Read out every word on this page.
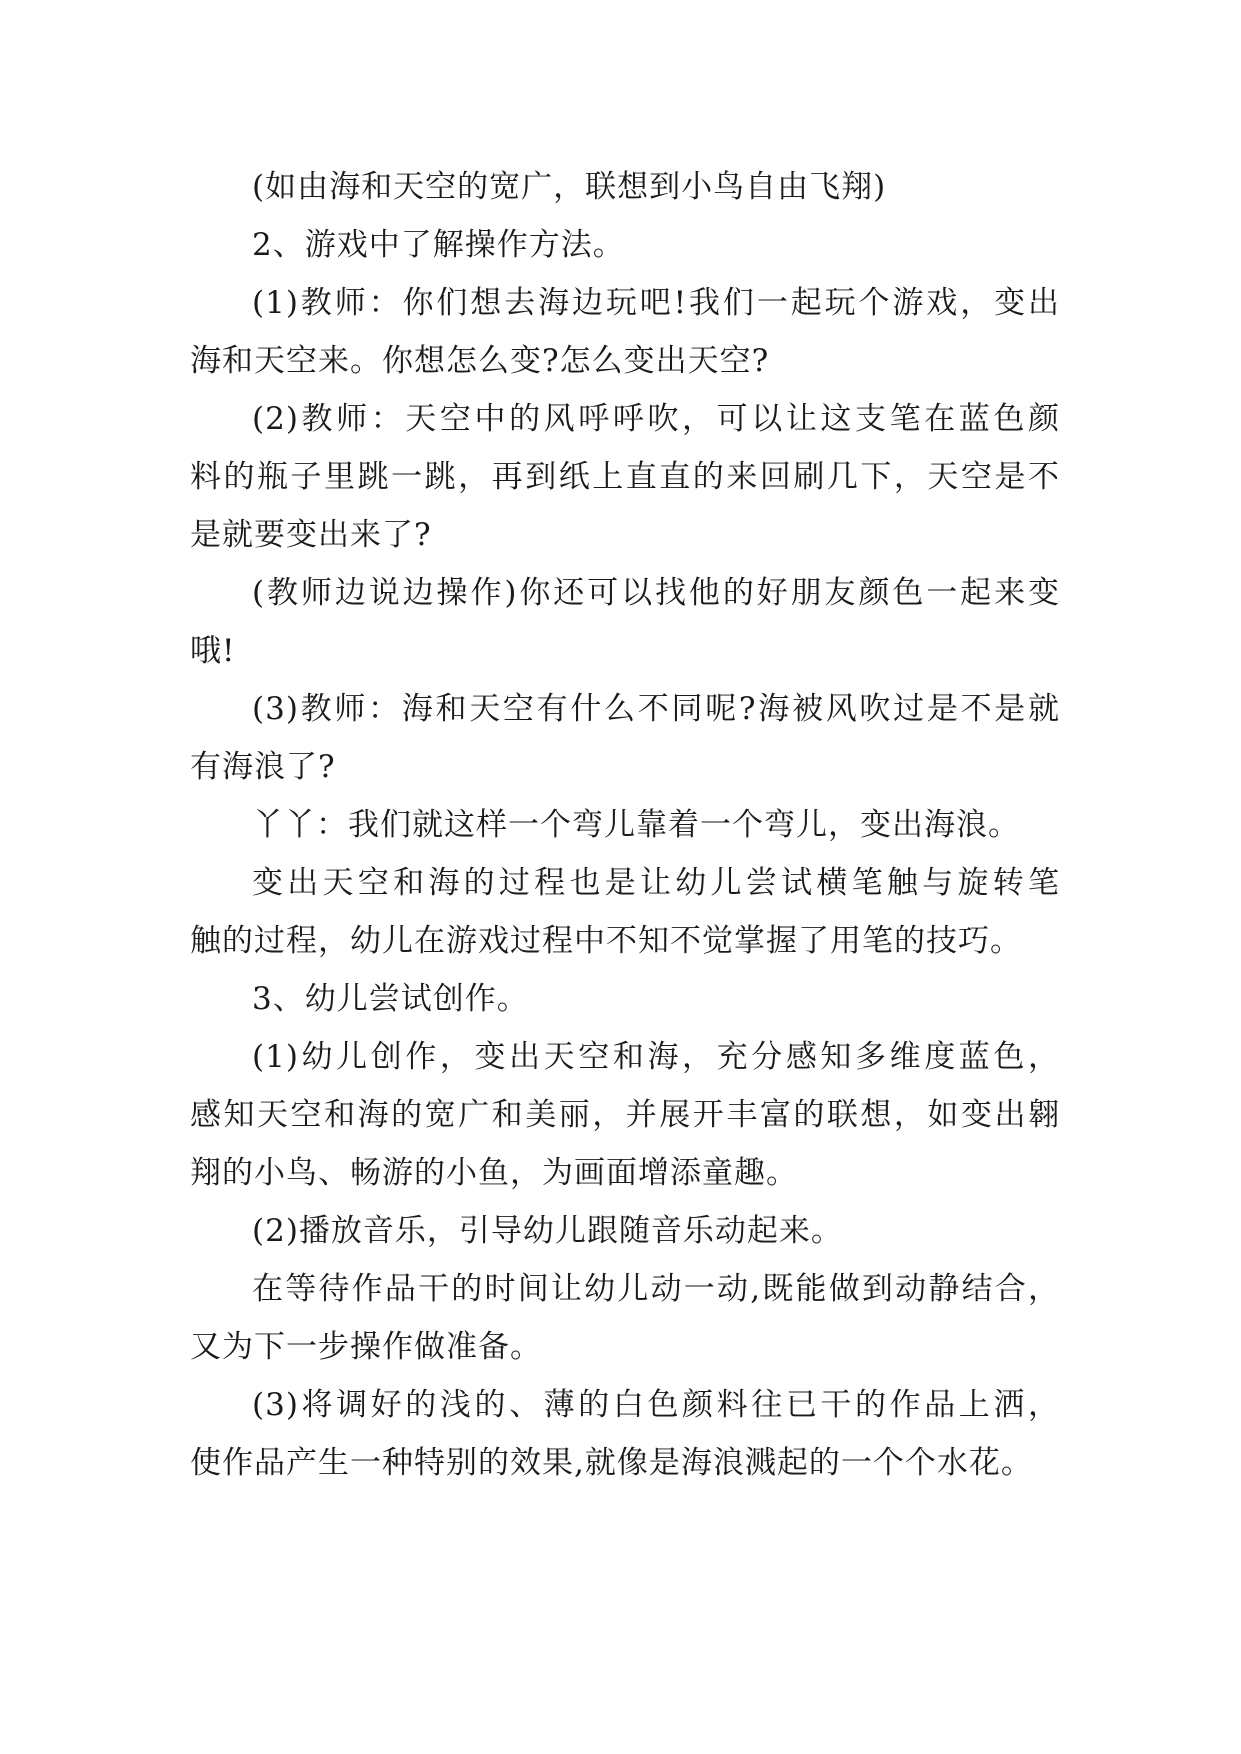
(如由海和天空的宽广，联想到小鸟自由飞翔)
2、游戏中了解操作方法。
(1)教师：你们想去海边玩吧!我们一起玩个游戏，变出
海和天空来。你想怎么变?怎么变出天空?
(2)教师：天空中的风呼呼吹，可以让这支笔在蓝色颜
料的瓶子里跳一跳，再到纸上直直的来回刷几下，天空是不
是就要变出来了?
(教师边说边操作)你还可以找他的好朋友颜色一起来变
哦!
(3)教师：海和天空有什么不同呢?海被风吹过是不是就
有海浪了?
丫丫：我们就这样一个弯儿靠着一个弯儿，变出海浪。
变出天空和海的过程也是让幼儿尝试横笔触与旋转笔
触的过程，幼儿在游戏过程中不知不觉掌握了用笔的技巧。
3、幼儿尝试创作。
(1)幼儿创作，变出天空和海，充分感知多维度蓝色，
感知天空和海的宽广和美丽，并展开丰富的联想，如变出翱
翔的小鸟、畅游的小鱼，为画面增添童趣。
(2)播放音乐，引导幼儿跟随音乐动起来。
在等待作品干的时间让幼儿动一动,既能做到动静结合，
又为下一步操作做准备。
(3)将调好的浅的、薄的白色颜料往已干的作品上洒，
使作品产生一种特别的效果,就像是海浪溅起的一个个水花。
